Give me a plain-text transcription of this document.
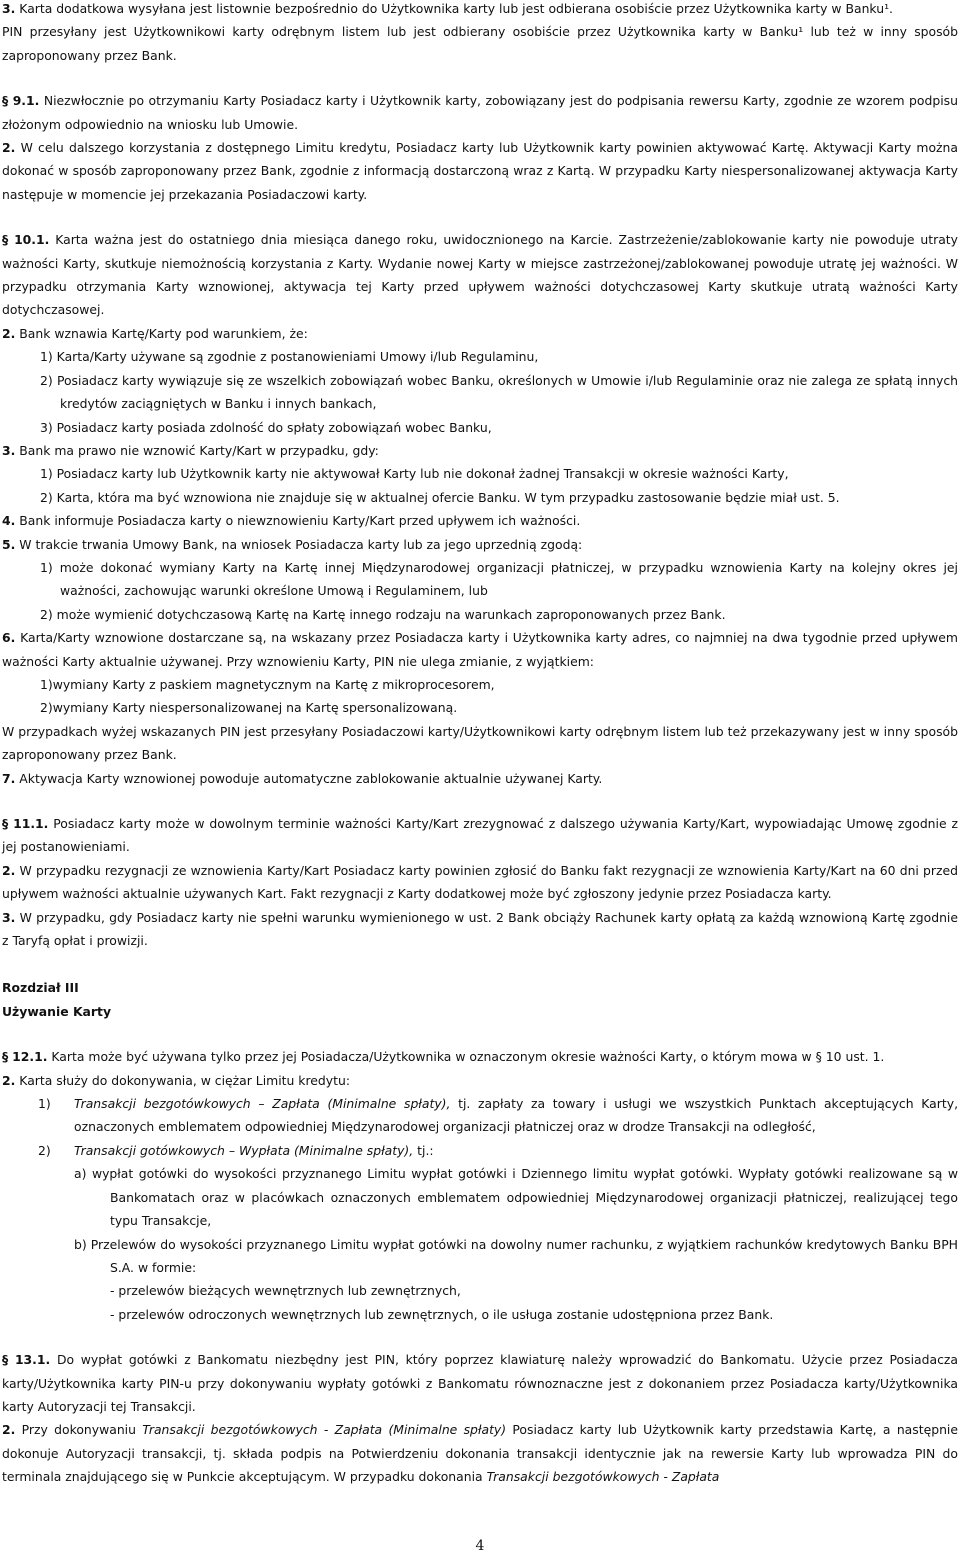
3. Karta dodatkowa wysyłana jest listownie bezpośrednio do Użytkownika karty lub jest odbierana osobiście przez Użytkownika karty w Banku¹.

PIN przesyłany jest Użytkownikowi karty odrębnym listem lub jest odbierany osobiście przez Użytkownika karty w Banku¹ lub też w inny sposób zaproponowany przez Bank.

§ 9.1. Niezwłocznie po otrzymaniu Karty Posiadacz karty i Użytkownik karty, zobowiązany jest do podpisania rewersu Karty, zgodnie ze wzorem podpisu złożonym odpowiednio na wniosku lub Umowie.

2. W celu dalszego korzystania z dostępnego Limitu kredytu, Posiadacz karty lub Użytkownik karty powinien aktywować Kartę. Aktywacji Karty można dokonać w sposób zaproponowany przez Bank, zgodnie z informacją dostarczoną wraz z Kartą. W przypadku Karty niespersonalizowanej aktywacja Karty następuje w momencie jej przekazania Posiadaczowi karty.

§ 10.1. Karta ważna jest do ostatniego dnia miesiąca danego roku, uwidocznionego na Karcie. Zastrzeżenie/zablokowanie karty nie powoduje utraty ważności Karty, skutkuje niemożnością korzystania z Karty. Wydanie nowej Karty w miejsce zastrzeżonej/zablokowanej powoduje utratę jej ważności. W przypadku otrzymania Karty wznowionej, aktywacja tej Karty przed upływem ważności dotychczasowej Karty skutkuje utratą ważności Karty dotychczasowej.

2. Bank wznawia Kartę/Karty pod warunkiem, że:

1) Karta/Karty używane są zgodnie z postanowieniami Umowy i/lub Regulaminu,

2) Posiadacz karty wywiązuje się ze wszelkich zobowiązań wobec Banku, określonych w Umowie i/lub Regulaminie oraz nie zalega ze spłatą innych kredytów zaciągniętych w Banku i innych bankach,

3) Posiadacz karty posiada zdolność do spłaty zobowiązań wobec Banku,

3. Bank ma prawo nie wznowić Karty/Kart w przypadku, gdy:

1) Posiadacz karty lub Użytkownik karty nie aktywował Karty lub nie dokonał żadnej Transakcji w okresie ważności Karty,

2) Karta, która ma być wznowiona nie znajduje się w aktualnej ofercie Banku. W tym przypadku zastosowanie będzie miał ust. 5.

4. Bank informuje Posiadacza karty o niewznowieniu Karty/Kart przed upływem ich ważności.

5. W trakcie trwania Umowy Bank, na wniosek Posiadacza karty lub za jego uprzednią zgodą:

1) może dokonać wymiany Karty na Kartę innej Międzynarodowej organizacji płatniczej, w przypadku wznowienia Karty na kolejny okres jej ważności, zachowując warunki określone Umową i Regulaminem, lub

2) może wymienić dotychczasową Kartę na Kartę innego rodzaju na warunkach zaproponowanych przez Bank.

6. Karta/Karty wznowione dostarczane są, na wskazany przez Posiadacza karty i Użytkownika karty adres, co najmniej na dwa tygodnie przed upływem ważności Karty aktualnie używanej. Przy wznowieniu Karty, PIN nie ulega zmianie, z wyjątkiem:

1)wymiany Karty z paskiem magnetycznym na Kartę z mikroprocesorem,

2)wymiany Karty niespersonalizowanej na Kartę spersonalizowaną.

W przypadkach wyżej wskazanych PIN jest przesyłany Posiadaczowi karty/Użytkownikowi karty odrębnym listem lub też przekazywany jest w inny sposób zaproponowany przez Bank.

7. Aktywacja Karty wznowionej powoduje automatyczne zablokowanie aktualnie używanej Karty.

§ 11.1. Posiadacz karty może w dowolnym terminie ważności Karty/Kart zrezygnować z dalszego używania Karty/Kart, wypowiadając Umowę zgodnie z jej postanowieniami.

2. W przypadku rezygnacji ze wznowienia Karty/Kart Posiadacz karty powinien zgłosić do Banku fakt rezygnacji ze wznowienia Karty/Kart na 60 dni przed upływem ważności aktualnie używanych Kart. Fakt rezygnacji z Karty dodatkowej może być zgłoszony jedynie przez Posiadacza karty.

3. W przypadku, gdy Posiadacz karty nie spełni warunku wymienionego w ust. 2 Bank obciąży Rachunek karty opłatą za każdą wznowioną Kartę zgodnie z Taryfą opłat i prowizji.

Rozdział III

Używanie Karty

§ 12.1. Karta może być używana tylko przez jej Posiadacza/Użytkownika w oznaczonym okresie ważności Karty, o którym mowa w § 10 ust. 1.

2. Karta służy do dokonywania, w ciężar Limitu kredytu:

1) Transakcji bezgotówkowych – Zapłata (Minimalne spłaty), tj. zapłaty za towary i usługi we wszystkich Punktach akceptujących Karty, oznaczonych emblematem odpowiedniej Międzynarodowej organizacji płatniczej oraz w drodze Transakcji na odległość,

2) Transakcji gotówkowych – Wypłata (Minimalne spłaty), tj.:

a) wypłat gotówki do wysokości przyznanego Limitu wypłat gotówki i Dziennego limitu wypłat gotówki. Wypłaty gotówki realizowane są w Bankomatach oraz w placówkach oznaczonych emblematem odpowiedniej Międzynarodowej organizacji płatniczej, realizującej tego typu Transakcje,

b) Przelewów do wysokości przyznanego Limitu wypłat gotówki na dowolny numer rachunku, z wyjątkiem rachunków kredytowych Banku BPH S.A. w formie:

- przelewów bieżących wewnętrznych lub zewnętrznych,

- przelewów odroczonych wewnętrznych lub zewnętrznych, o ile usługa zostanie udostępniona przez Bank.

§ 13.1. Do wypłat gotówki z Bankomatu niezbędny jest PIN, który poprzez klawiaturę należy wprowadzić do Bankomatu. Użycie przez Posiadacza karty/Użytkownika karty PIN-u przy dokonywaniu wypłaty gotówki z Bankomatu równoznaczne jest z dokonaniem przez Posiadacza karty/Użytkownika karty Autoryzacji tej Transakcji.

2. Przy dokonywaniu Transakcji bezgotówkowych - Zapłata (Minimalne spłaty) Posiadacz karty lub Użytkownik karty przedstawia Kartę, a następnie dokonuje Autoryzacji transakcji, tj. składa podpis na Potwierdzeniu dokonania transakcji identycznie jak na rewersie Karty lub wprowadza PIN do terminala znajdującego się w Punkcie akceptującym. W przypadku dokonania Transakcji bezgotówkowych - Zapłata

4
